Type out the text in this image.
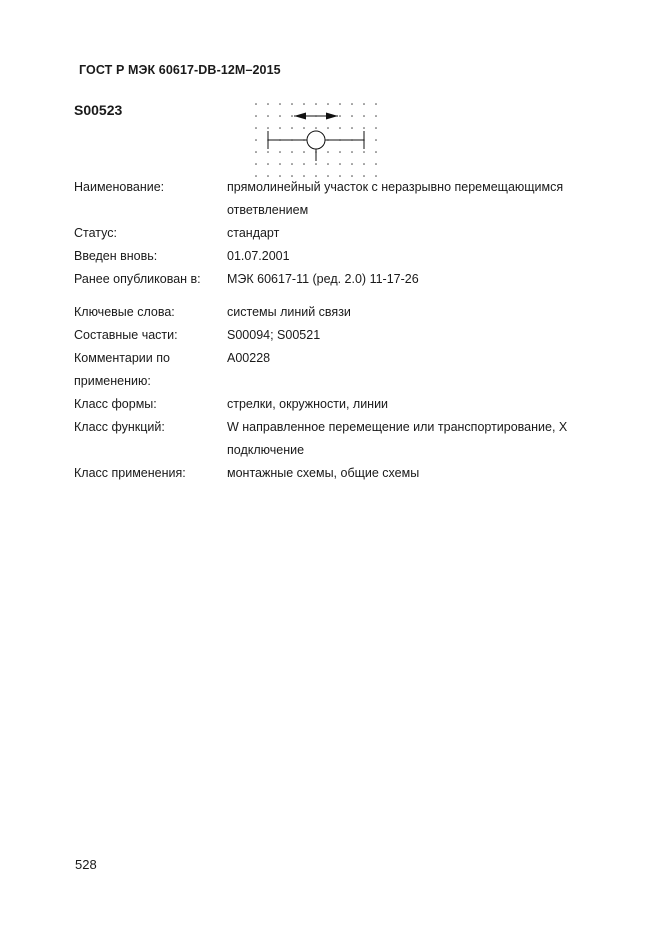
ГОСТ Р МЭК 60617-DB-12M–2015
S00523
Наименование:	прямолинейный участок с неразрывно перемещающимся ответвлением
Статус:	стандарт
Введен вновь:	01.07.2001
Ранее опубликован в:	МЭК 60617-11 (ред. 2.0) 11-17-26
Ключевые слова:	системы линий связи
Составные части:	S00094; S00521
Комментарии по применению:
A00228
Класс формы:	стрелки, окружности, линии
Класс функций:	W направленное перемещение или транспортирование, X подключение
Класс применения:	монтажные схемы, общие схемы
528
